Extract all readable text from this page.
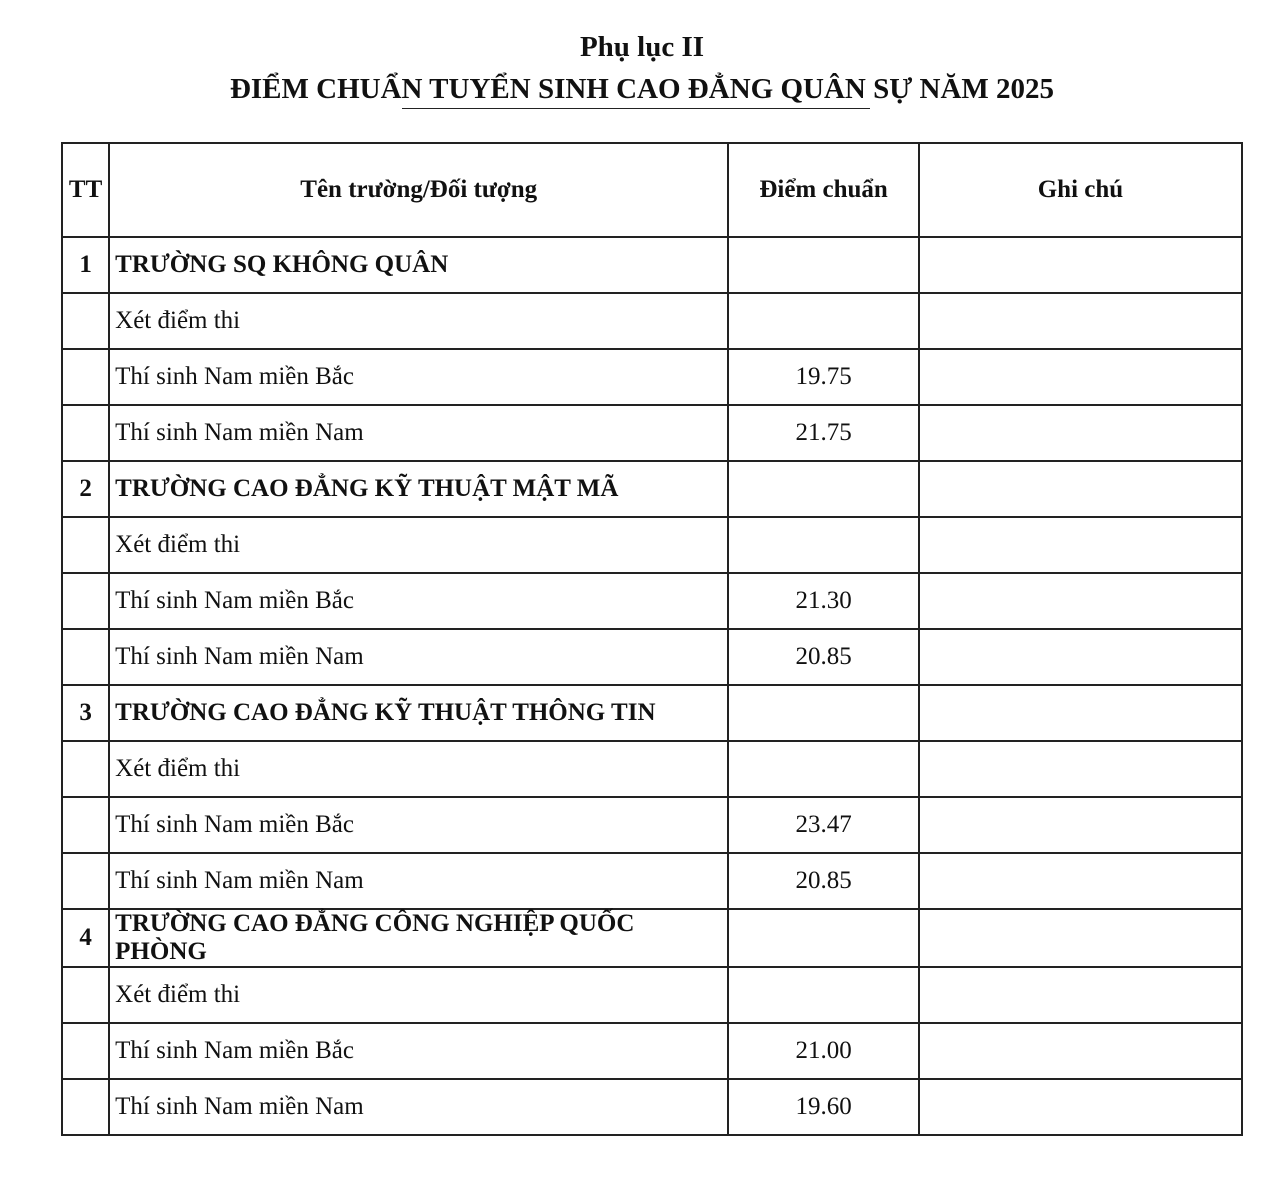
Phụ lục II
ĐIỂM CHUẨN TUYỂN SINH CAO ĐẲNG QUÂN SỰ NĂM 2025
TT	Tên trường/Đối tượng	Điểm chuẩn	Ghi chú
1	TRƯỜNG SQ KHÔNG QUÂN		
	Xét điểm thi		
	Thí sinh Nam miền Bắc	19.75	
	Thí sinh Nam miền Nam	21.75	
2	TRƯỜNG CAO ĐẲNG KỸ THUẬT MẬT MÃ		
	Xét điểm thi		
	Thí sinh Nam miền Bắc	21.30	
	Thí sinh Nam miền Nam	20.85	
3	TRƯỜNG CAO ĐẲNG KỸ THUẬT THÔNG TIN		
	Xét điểm thi		
	Thí sinh Nam miền Bắc	23.47	
	Thí sinh Nam miền Nam	20.85	
4	TRƯỜNG CAO ĐẲNG CÔNG NGHIỆP QUỐC PHÒNG		
	Xét điểm thi		
	Thí sinh Nam miền Bắc	21.00	
	Thí sinh Nam miền Nam	19.60	
